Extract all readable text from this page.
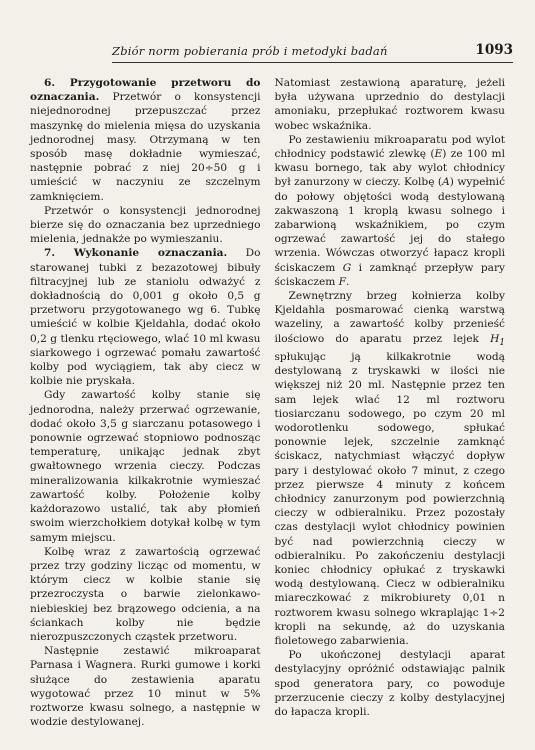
Zbiór norm pobierania prób i metodyki badań	1093

6. Przygotowanie przetworu do oznaczania. Przetwór o konsystencji niejednorodnej przepuszczać przez maszynkę do mielenia mięsa do uzyskania jednorodnej masy. Otrzymaną w ten sposób masę dokładnie wymieszać, następnie pobrać z niej 20÷50 g i umieścić w naczyniu ze szczelnym zamknięciem.

Przetwór o konsystencji jednorodnej bierze się do oznaczania bez uprzedniego mielenia, jednakże po wymieszaniu.

7. Wykonanie oznaczania. Do starowanej tubki z bezazotowej bibuły filtracyjnej lub ze staniolu odważyć z dokładnością do 0,001 g około 0,5 g przetworu przygotowanego wg 6. Tubkę umieścić w kolbie Kjeldahla, dodać około 0,2 g tlenku rtęciowego, wlać 10 ml kwasu siarkowego i ogrzewać pomału zawartość kolby pod wyciągiem, tak aby ciecz w kolbie nie pryskała.

Gdy zawartość kolby stanie się jednorodna, należy przerwać ogrzewanie, dodać około 3,5 g siarczanu potasowego i ponownie ogrzewać stopniowo podnosząc temperaturę, unikając jednak zbyt gwałtownego wrzenia cieczy. Podczas mineralizowania kilkakrotnie wymieszać zawartość kolby. Położenie kolby każdorazowo ustalić, tak aby płomień swoim wierzchołkiem dotykał kolbę w tym samym miejscu.

Kolbę wraz z zawartością ogrzewać przez trzy godziny licząc od momentu, w którym ciecz w kolbie stanie się przezroczysta o barwie zielonkawo-niebieskiej bez brązowego odcienia, a na ściankach kolby nie będzie nierozpuszczonych cząstek przetworu.

Następnie zestawić mikroaparat Parnasa i Wagnera. Rurki gumowe i korki służące do zestawienia aparatu wygotować przez 10 minut w 5% roztworze kwasu solnego, a następnie w wodzie destylowanej.

Natomiast zestawioną aparaturę, jeżeli była używana uprzednio do destylacji amoniaku, przepłukać roztworem kwasu wobec wskaźnika.

Po zestawieniu mikroaparatu pod wylot chłodnicy podstawić zlewkę (E) ze 100 ml kwasu bornego, tak aby wylot chłodnicy był zanurzony w cieczy. Kolbę (A) wypełnić do połowy objętości wodą destylowaną zakwaszoną 1 kroplą kwasu solnego i zabarwioną wskaźnikiem, po czym ogrzewać zawartość jej do stałego wrzenia. Wówczas otworzyć łapacz kropli ściskaczem G i zamknąć przepływ pary ściskaczem F.

Zewnętrzny brzeg kołnierza kolby Kjeldahla posmarować cienką warstwą wazeliny, a zawartość kolby przenieść ilościowo do aparatu przez lejek $H_1$ spłukując ją kilkakrotnie wodą destylowaną z tryskawki w ilości nie większej niż 20 ml. Następnie przez ten sam lejek wlać 12 ml roztworu tiosiarczanu sodowego, po czym 20 ml wodorotlenku sodowego, spłukać ponownie lejek, szczelnie zamknąć ściskacz, natychmiast włączyć dopływ pary i destylować około 7 minut, z czego przez pierwsze 4 minuty z końcem chłodnicy zanurzonym pod powierzchnią cieczy w odbieralniku. Przez pozostały czas destylacji wylot chłodnicy powinien być nad powierzchnią cieczy w odbieralniku. Po zakończeniu destylacji koniec chłodnicy opłukać z tryskawki wodą destylowaną. Ciecz w odbieralniku miareczkować z mikrobiurety 0,01 n roztworem kwasu solnego wkraplając 1÷2 kropli na sekundę, aż do uzyskania fioletowego zabarwienia.

Po ukończonej destylacji aparat destylacyjny opróżnić odstawiając palnik spod generatora pary, co powoduje przerzucenie cieczy z kolby destylacyjnej do łapacza kropli.
